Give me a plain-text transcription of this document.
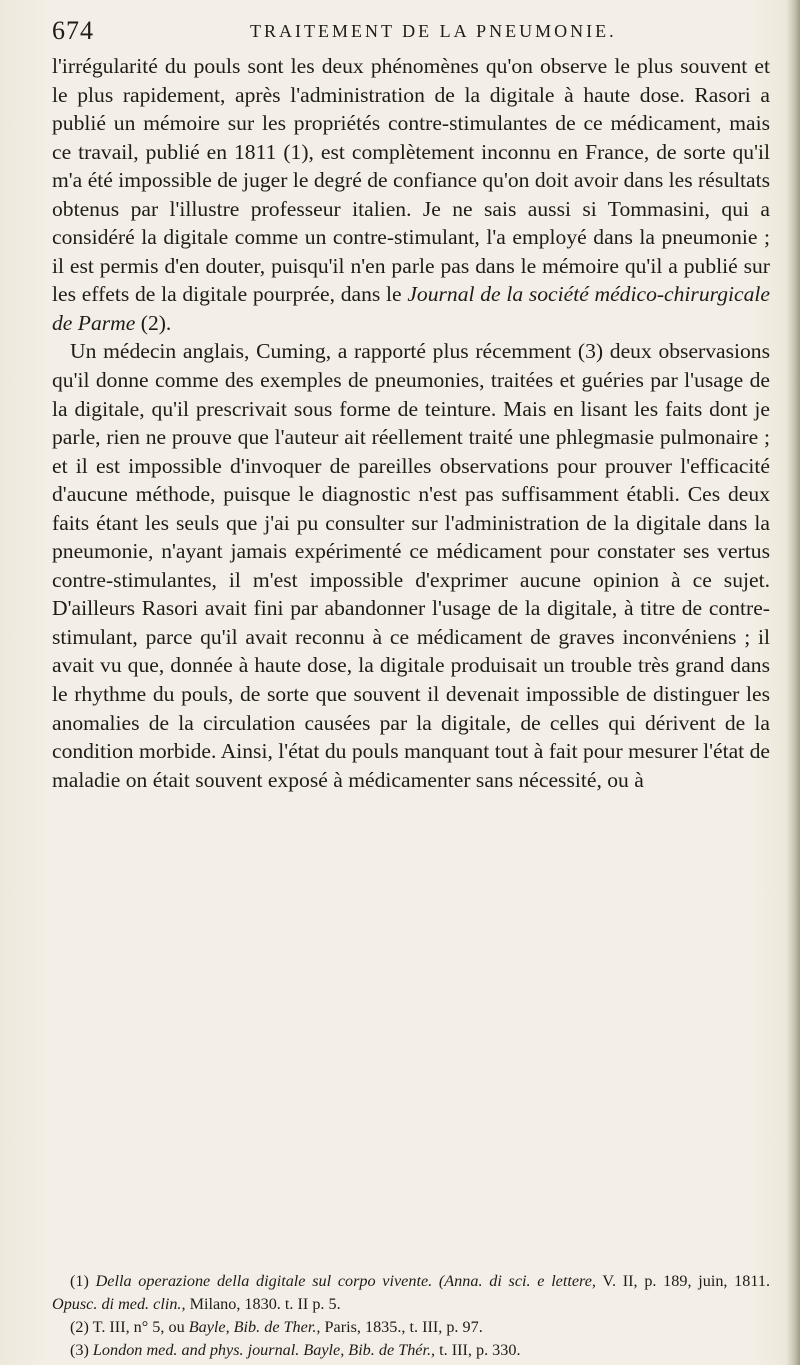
674	TRAITEMENT DE LA PNEUMONIE.

l'irrégularité du pouls sont les deux phénomènes qu'on observe le plus souvent et le plus rapidement, après l'administration de la digitale à haute dose. Rasori a publié un mémoire sur les propriétés contre-stimulantes de ce médicament, mais ce travail, publié en 1811 (1), est complètement inconnu en France, de sorte qu'il m'a été impossible de juger le degré de confiance qu'on doit avoir dans les résultats obtenus par l'illustre professeur italien. Je ne sais aussi si Tommasini, qui a considéré la digitale comme un contre-stimulant, l'a employé dans la pneumonie ; il est permis d'en douter, puisqu'il n'en parle pas dans le mémoire qu'il a publié sur les effets de la digitale pourprée, dans le Journal de la société médico-chirurgicale de Parme (2).

Un médecin anglais, Cuming, a rapporté plus récemment (3) deux observasions qu'il donne comme des exemples de pneumonies, traitées et guéries par l'usage de la digitale, qu'il prescrivait sous forme de teinture. Mais en lisant les faits dont je parle, rien ne prouve que l'auteur ait réellement traité une phlegmasie pulmonaire ; et il est impossible d'invoquer de pareilles observations pour prouver l'efficacité d'aucune méthode, puisque le diagnostic n'est pas suffisamment établi. Ces deux faits étant les seuls que j'ai pu consulter sur l'administration de la digitale dans la pneumonie, n'ayant jamais expérimenté ce médicament pour constater ses vertus contre-stimulantes, il m'est impossible d'exprimer aucune opinion à ce sujet. D'ailleurs Rasori avait fini par abandonner l'usage de la digitale, à titre de contre-stimulant, parce qu'il avait reconnu à ce médicament de graves inconvéniens ; il avait vu que, donnée à haute dose, la digitale produisait un trouble très grand dans le rhythme du pouls, de sorte que souvent il devenait impossible de distinguer les anomalies de la circulation causées par la digitale, de celles qui dérivent de la condition morbide. Ainsi, l'état du pouls manquant tout à fait pour mesurer l'état de maladie on était souvent exposé à médicamenter sans nécessité, ou à

(1) Della operazione della digitale sul corpo vivente. (Anna. di sci. e lettere, V. II, p. 189, juin, 1811. Opusc. di med. clin., Milano, 1830. t. II p. 5.

(2) T. III, n° 5, ou Bayle, Bib. de Ther., Paris, 1835., t. III, p. 97.

(3) London med. and phys. journal. Bayle, Bib. de Thér., t. III, p. 330.
